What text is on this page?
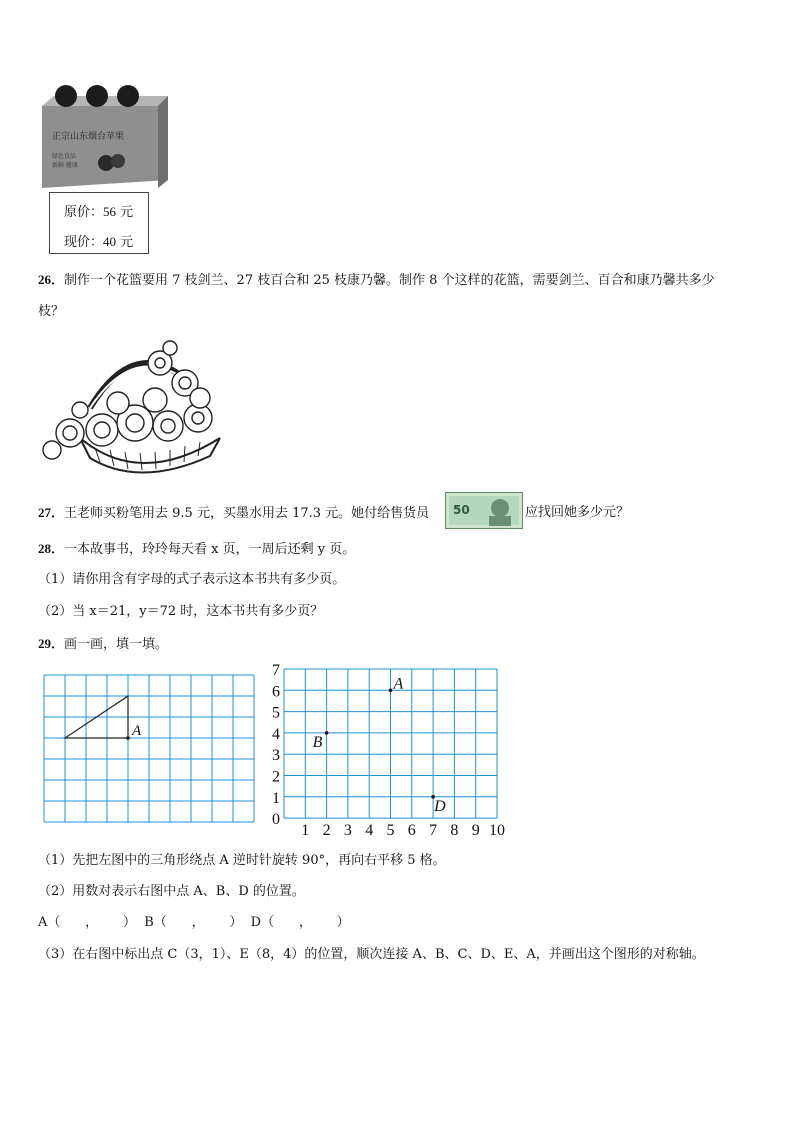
正宗山东烟台苹果
绿色食品
新鲜 健康
原价：56 元
现价：40 元
26．制作一个花篮要用 7 枝剑兰、27 枝百合和 25 枝康乃馨。制作 8 个这样的花篮，需要剑兰、百合和康乃馨共多少
枝？
27．王老师买粉笔用去 9.5 元，买墨水用去 17.3 元。她付给售货员	应找回她多少元？
50
28．一本故事书，玲玲每天看 x 页，一周后还剩 y 页。
（1）请你用含有字母的式子表示这本书共有多少页。
（2）当 x＝21，y＝72 时，这本书共有多少页？
29．画一画，填一填。
A
1 2 3 4 5 6 7 8 9 10
0
1
2
3
4
5
6
7
A
B
D
（1）先把左图中的三角形绕点 A 逆时针旋转 90°，再向右平移 5 格。
（2）用数对表示右图中点 A、B、D 的位置。
A（      ，      ）  B（      ，      ）  D（      ，      ）
（3）在右图中标出点 C（3，1）、E（8，4）的位置，顺次连接 A、B、C、D、E、A，并画出这个图形的对称轴。
